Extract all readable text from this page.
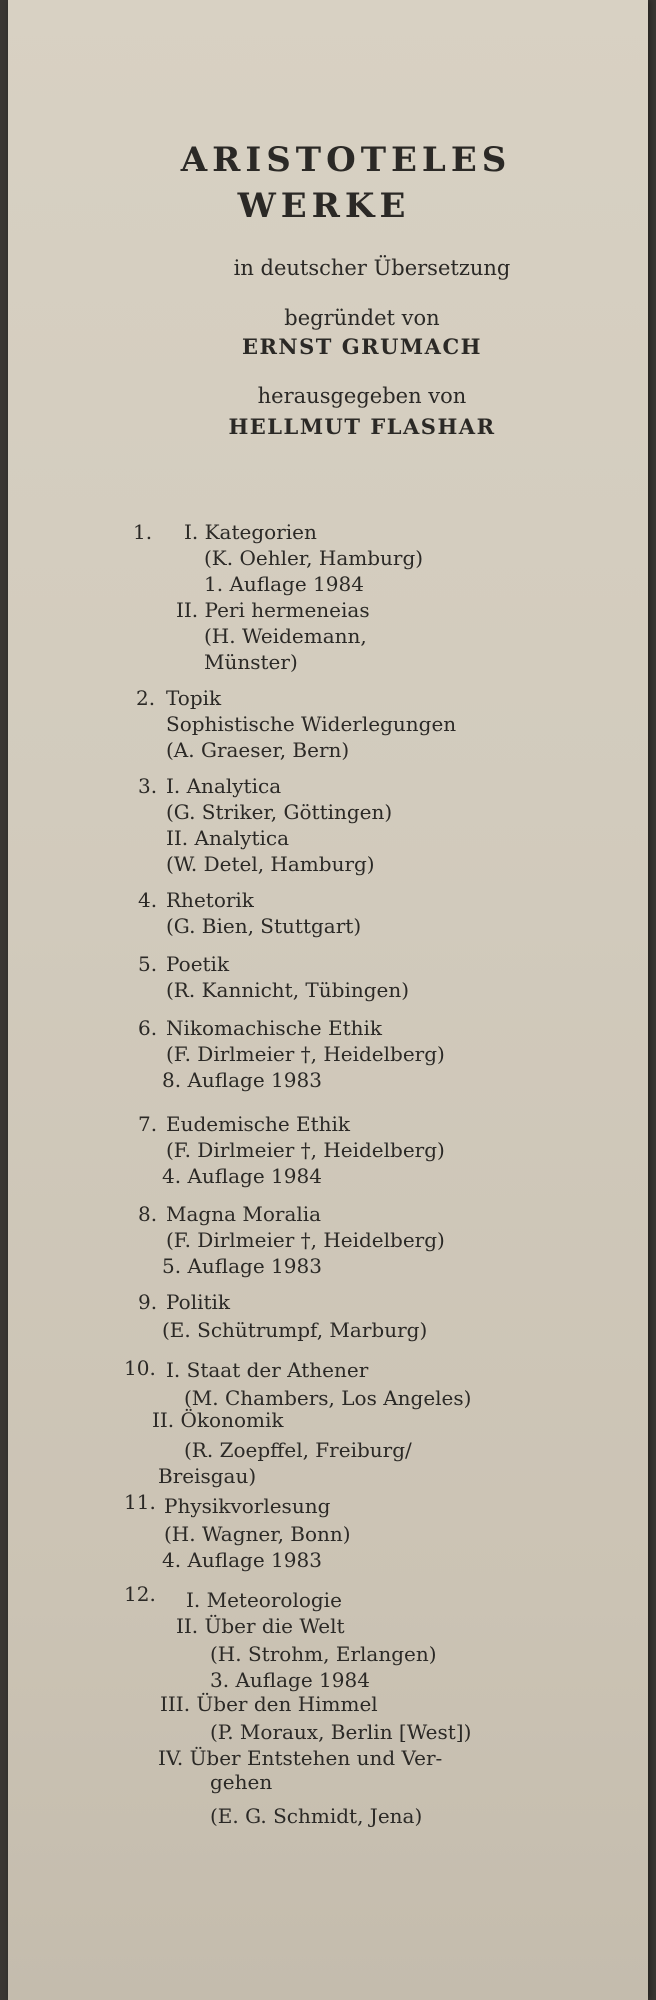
ARISTOTELES
WERKE
in deutscher Übersetzung
begründet von
ERNST GRUMACH
herausgegeben von
HELLMUT FLASHAR
1. I. Kategorien
(K. Oehler, Hamburg)
1. Auflage 1984
II. Peri hermeneias
(H. Weidemann,
Münster)
2. Topik
Sophistische Widerlegungen
(A. Graeser, Bern)
3. I. Analytica
(G. Striker, Göttingen)
II. Analytica
(W. Detel, Hamburg)
4. Rhetorik
(G. Bien, Stuttgart)
5. Poetik
(R. Kannicht, Tübingen)
6. Nikomachische Ethik
(F. Dirlmeier †, Heidelberg)
8. Auflage 1983
7. Eudemische Ethik
(F. Dirlmeier †, Heidelberg)
4. Auflage 1984
8. Magna Moralia
(F. Dirlmeier †, Heidelberg)
5. Auflage 1983
9. Politik
(E. Schütrumpf, Marburg)
10. I. Staat der Athener
(M. Chambers, Los Angeles)
II. Ökonomik
(R. Zoepffel, Freiburg/
Breisgau)
11. Physikvorlesung
(H. Wagner, Bonn)
4. Auflage 1983
12. I. Meteorologie
II. Über die Welt
(H. Strohm, Erlangen)
3. Auflage 1984
III. Über den Himmel
(P. Moraux, Berlin [West])
IV. Über Entstehen und Ver-
gehen
(E. G. Schmidt, Jena)
